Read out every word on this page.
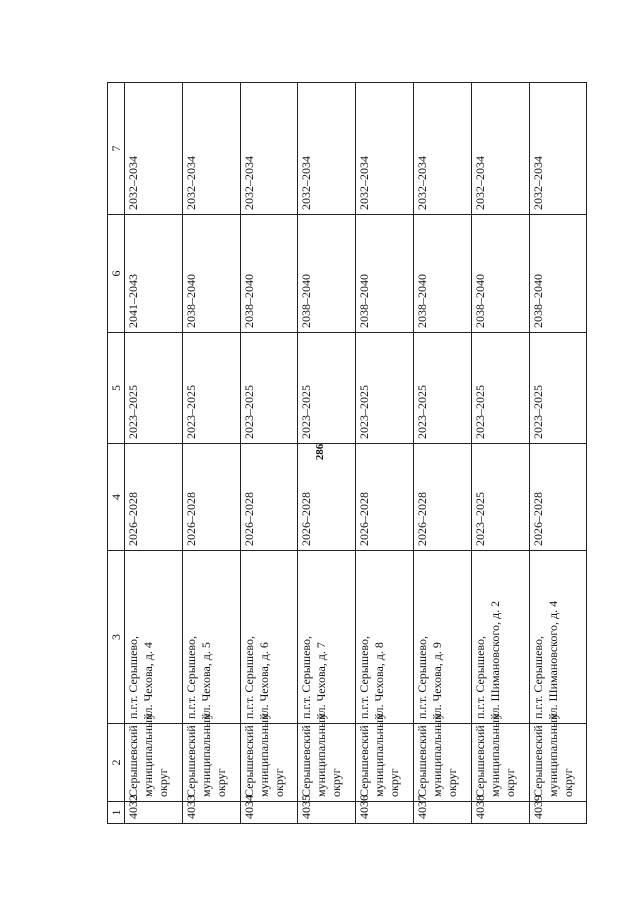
286
1	2	3	4	5	6	7
4032	Серышевский
муниципальный
округ	п.г.т. Серышево,
ул. Чехова, д. 4	2026–2028	2023–2025	2041–2043	2032–2034
4033	Серышевский
муниципальный
округ	п.г.т. Серышево,
ул. Чехова, д. 5	2026–2028	2023–2025	2038–2040	2032–2034
4034	Серышевский
муниципальный
округ	п.г.т. Серышево,
ул. Чехова, д. 6	2026–2028	2023–2025	2038–2040	2032–2034
4035	Серышевский
муниципальный
округ	п.г.т. Серышево,
ул. Чехова, д. 7	2026–2028	2023–2025	2038–2040	2032–2034
4036	Серышевский
муниципальный
округ	п.г.т. Серышево,
ул. Чехова, д. 8	2026–2028	2023–2025	2038–2040	2032–2034
4037	Серышевский
муниципальный
округ	п.г.т. Серышево,
ул. Чехова, д. 9	2026–2028	2023–2025	2038–2040	2032–2034
4038	Серышевский
муниципальный
округ	п.г.т. Серышево,
ул. Шимановского, д. 2	2023–2025	2023–2025	2038–2040	2032–2034
4039	Серышевский
муниципальный
округ	п.г.т. Серышево,
ул. Шимановского, д. 4	2026–2028	2023–2025	2038–2040	2032–2034
